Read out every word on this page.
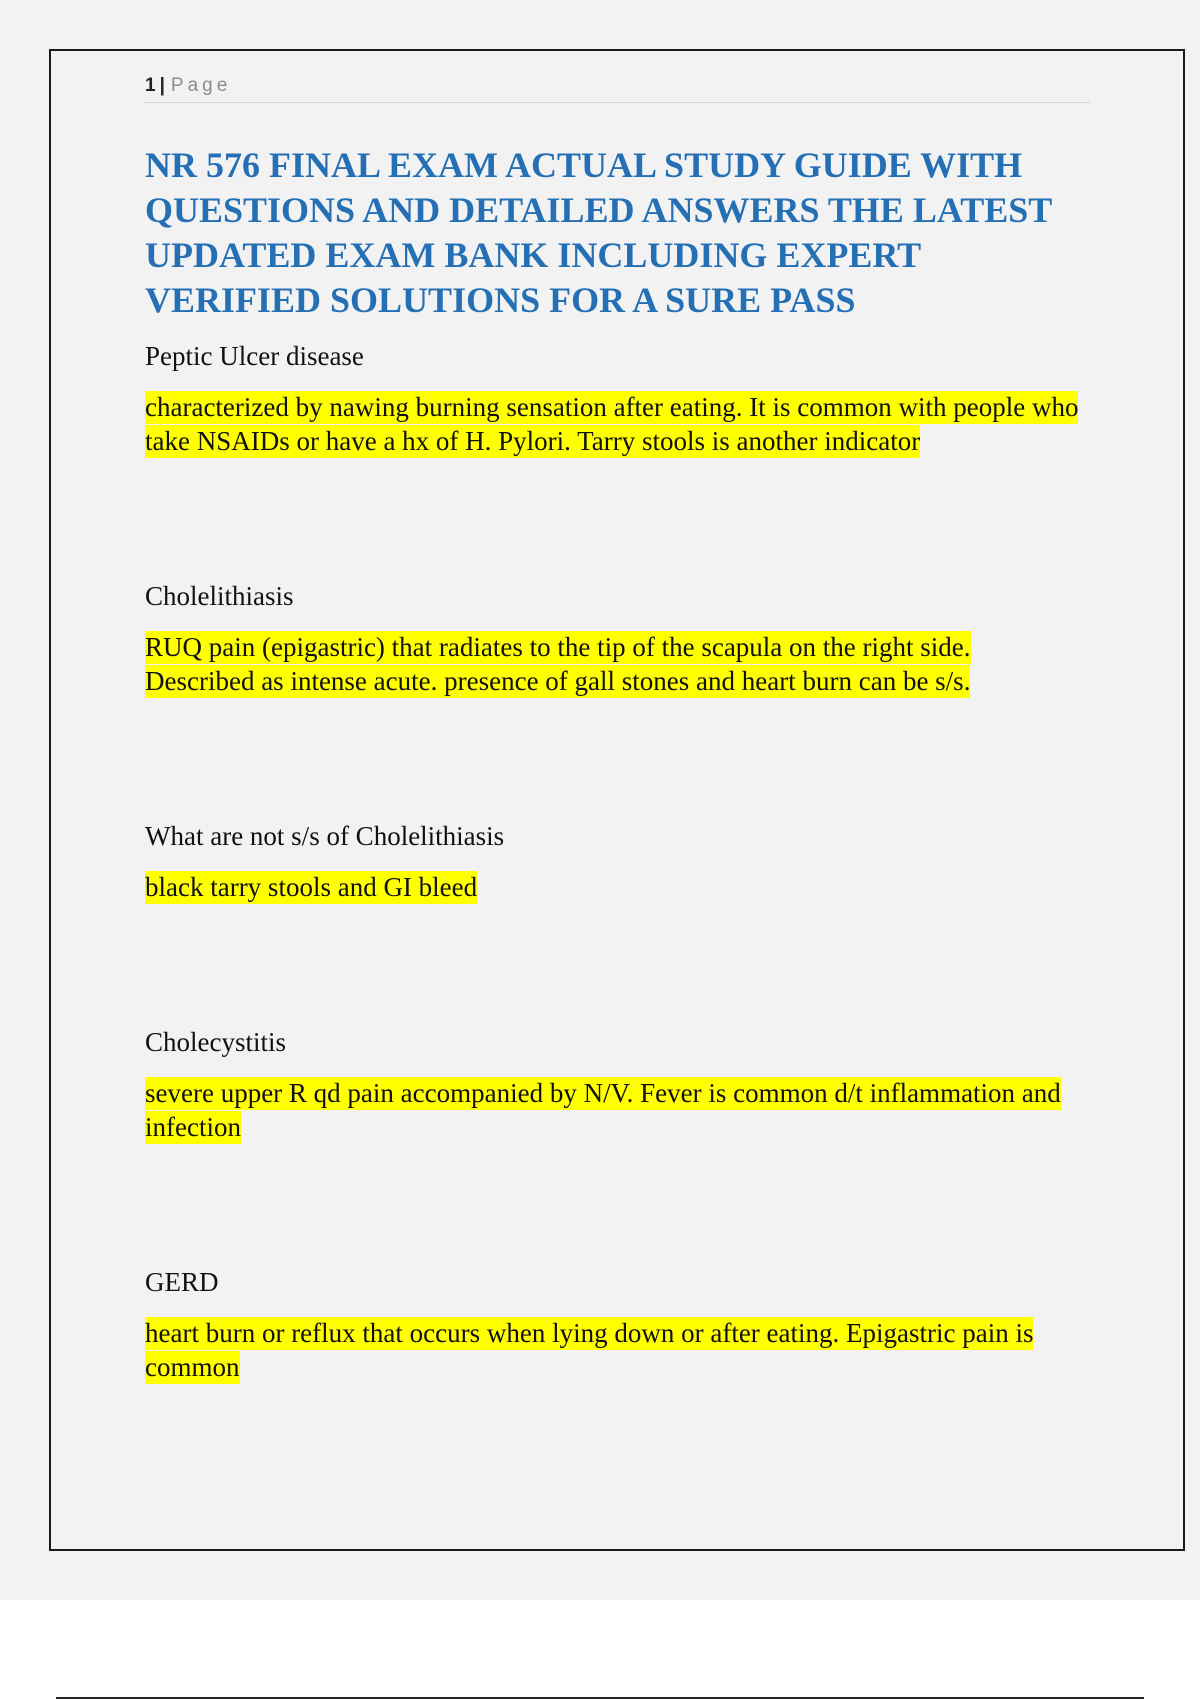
1 | Page
NR 576 FINAL EXAM ACTUAL STUDY GUIDE WITH QUESTIONS AND DETAILED ANSWERS THE LATEST UPDATED EXAM BANK INCLUDING EXPERT VERIFIED SOLUTIONS FOR A SURE PASS

Peptic Ulcer disease

characterized by nawing burning sensation after eating. It is common with people who take NSAIDs or have a hx of H. Pylori. Tarry stools is another indicator

Cholelithiasis

RUQ pain (epigastric) that radiates to the tip of the scapula on the right side. Described as intense acute. presence of gall stones and heart burn can be s/s.

What are not s/s of Cholelithiasis

black tarry stools and GI bleed

Cholecystitis

severe upper R qd pain accompanied by N/V. Fever is common d/t inflammation and infection

GERD

heart burn or reflux that occurs when lying down or after eating. Epigastric pain is common
